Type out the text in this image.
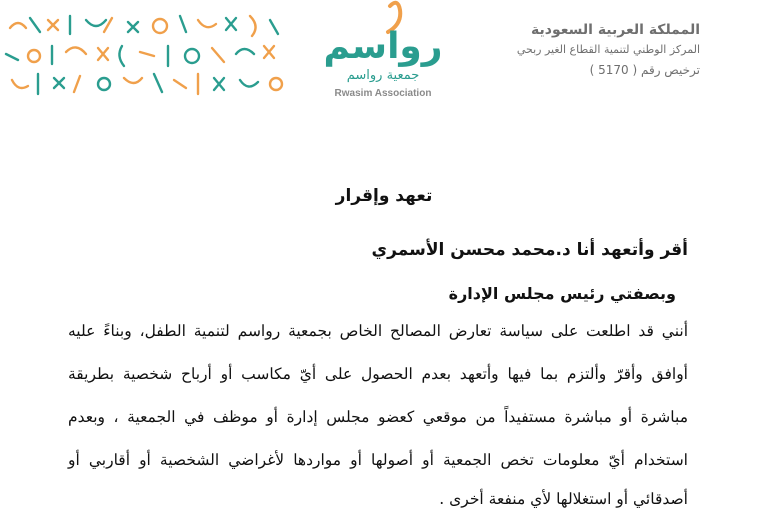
رواسم
جمعية رواسم
Rwasim Association
المملكة العربية السعودية
المركز الوطني لتنمية القطاع الغير ربحي
ترخيص رقم ( 5170 )
تعهد وإقرار
أقر وأتعهد أنا د.محمد محسن الأسمري
وبصفتي رئيس مجلس الإدارة
أنني قد اطلعت على سياسة تعارض المصالح الخاص بجمعية رواسم لتنمية الطفل، وبناءً عليه
أوافق وأقرّ وألتزم بما فيها وأتعهد بعدم الحصول على أيّ مكاسب أو أرباح شخصية بطريقة
مباشرة أو مباشرة مستفيداً من موقعي كعضو مجلس إدارة أو موظف في الجمعية ، وبعدم
استخدام أيّ معلومات تخص الجمعية أو أصولها أو مواردها لأغراضي الشخصية أو أقاربي أو
أصدقائي أو استغلالها لأي منفعة أخرى .
